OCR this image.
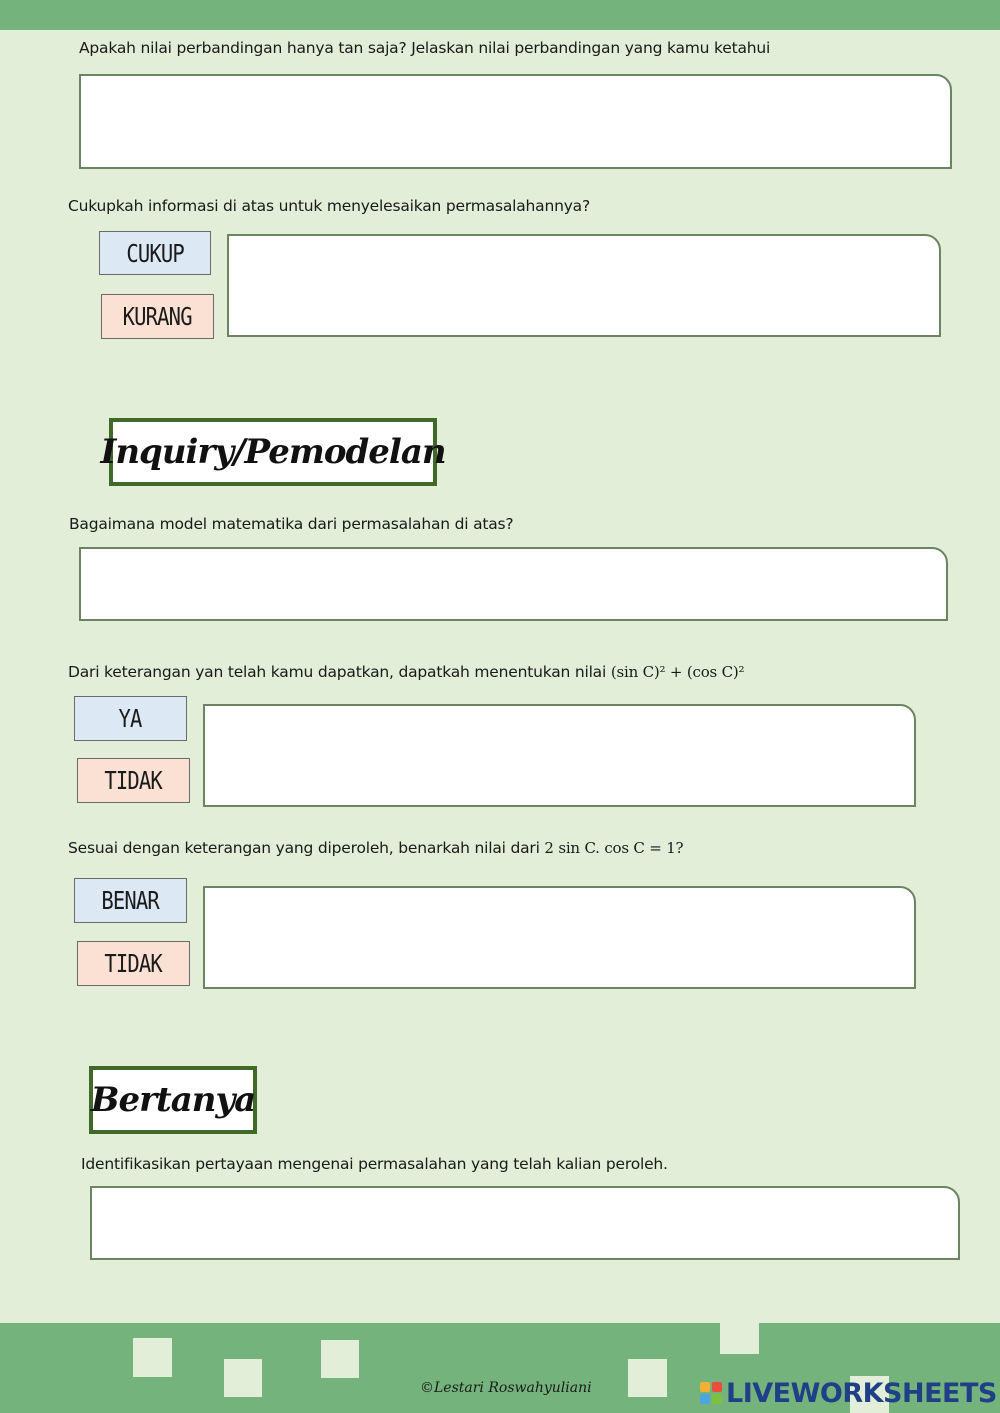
Apakah nilai perbandingan hanya tan saja? Jelaskan nilai perbandingan yang kamu ketahui
Cukupkah informasi di atas untuk menyelesaikan permasalahannya?
CUKUP
KURANG
Inquiry/Pemodelan
Bagaimana model matematika dari permasalahan di atas?
Dari keterangan yan telah kamu dapatkan, dapatkah menentukan nilai (sin C)² + (cos C)²
YA
TIDAK
Sesuai dengan keterangan yang diperoleh, benarkah nilai dari 2 sin C. cos C = 1?
BENAR
TIDAK
Bertanya
Identifikasikan pertayaan mengenai permasalahan yang telah kalian peroleh.
©Lestari Roswahyuliani	LIVEWORKSHEETS
